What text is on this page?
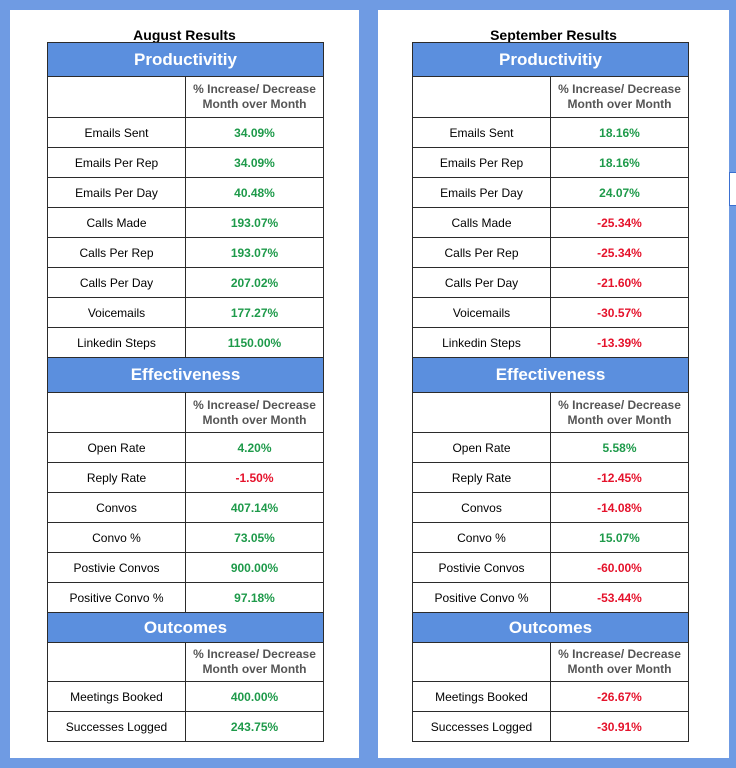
August Results
Productivitiy	

	% Increase/ Decrease
Month over Month

Emails Sent	34.09%
Emails Per Rep	34.09%
Emails Per Day	40.48%
Calls Made	193.07%
Calls Per Rep	193.07%
Calls Per Day	207.02%
Voicemails	177.27%
Linkedin Steps	1150.00%
Effectiveness	

	% Increase/ Decrease
Month over Month

Open Rate	4.20%
Reply Rate	-1.50%
Convos	407.14%
Convo %	73.05%
Postivie Convos	900.00%
Positive Convo %	97.18%
Outcomes	

	% Increase/ Decrease
Month over Month

Meetings Booked	400.00%
Successes Logged	243.75%
September Results
Productivitiy	

	% Increase/ Decrease
Month over Month

Emails Sent	18.16%
Emails Per Rep	18.16%
Emails Per Day	24.07%
Calls Made	-25.34%
Calls Per Rep	-25.34%
Calls Per Day	-21.60%
Voicemails	-30.57%
Linkedin Steps	-13.39%
Effectiveness	

	% Increase/ Decrease
Month over Month

Open Rate	5.58%
Reply Rate	-12.45%
Convos	-14.08%
Convo %	15.07%
Postivie Convos	-60.00%
Positive Convo %	-53.44%
Outcomes	

	% Increase/ Decrease
Month over Month

Meetings Booked	-26.67%
Successes Logged	-30.91%
